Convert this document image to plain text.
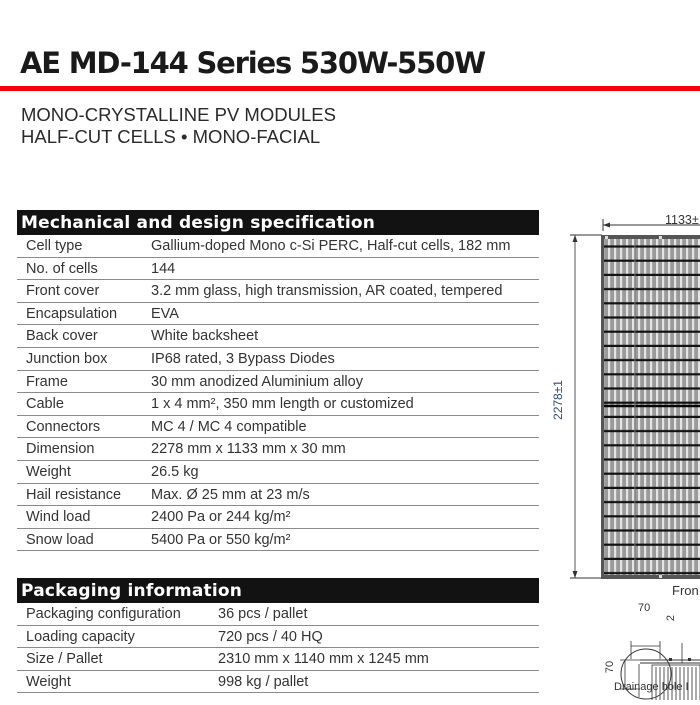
AE MD-144 Series 530W-550W
MONO-CRYSTALLINE PV MODULES
HALF-CUT CELLS • MONO-FACIAL
Mechanical and design specification
Cell type	Gallium-doped Mono c-Si PERC, Half-cut cells, 182 mm
No. of cells	144
Front cover	3.2 mm glass, high transmission, AR coated, tempered
Encapsulation	EVA
Back cover	White backsheet
Junction box	IP68 rated, 3 Bypass Diodes
Frame	30 mm anodized Aluminium alloy
Cable	1 x 4 mm², 350 mm length or customized
Connectors	MC 4 / MC 4 compatible
Dimension	2278 mm x 1133 mm x 30 mm
Weight	26.5 kg
Hail resistance	Max. Ø 25 mm at 23 m/s
Wind load	2400 Pa or 244 kg/m²
Snow load	5400 Pa or 550 kg/m²
Packaging information
Packaging configuration	36 pcs / pallet
Loading capacity	720 pcs / 40 HQ
Size / Pallet	2310 mm x 1140 mm x 1245 mm
Weight	998 kg / pallet
1133±
2278±1
Fron
70
70
2
Drainage hole I
